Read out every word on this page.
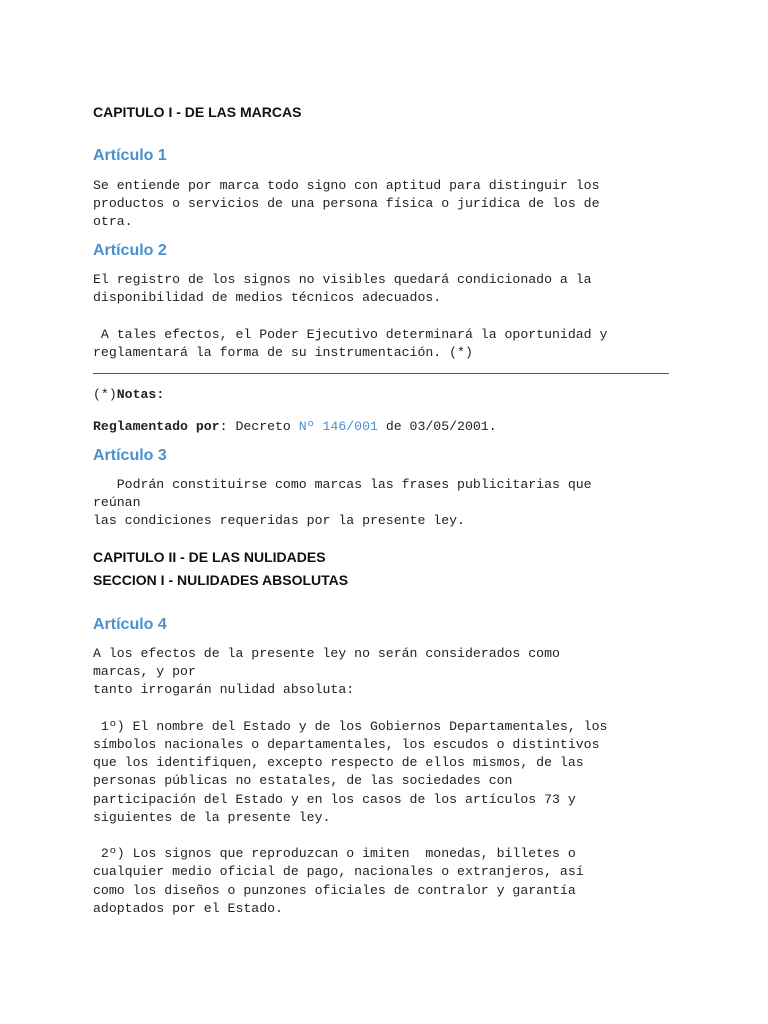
CAPITULO I - DE LAS MARCAS
Artículo 1
Se entiende por marca todo signo con aptitud para distinguir los
productos o servicios de una persona física o jurídica de los de
otra.
Artículo 2
El registro de los signos no visibles quedará condicionado a la
disponibilidad de medios técnicos adecuados.

A tales efectos, el Poder Ejecutivo determinará la oportunidad y
reglamentará la forma de su instrumentación. (*)
(*)Notas:
Reglamentado por: Decreto Nº 146/001 de 03/05/2001.
Artículo 3
Podrán constituirse como marcas las frases publicitarias que
reúnan
las condiciones requeridas por la presente ley.
CAPITULO II - DE LAS NULIDADES
SECCION I - NULIDADES ABSOLUTAS
Artículo 4
A los efectos de la presente ley no serán considerados como
marcas, y por
tanto irrogarán nulidad absoluta:

1º) El nombre del Estado y de los Gobiernos Departamentales, los
símbolos nacionales o departamentales, los escudos o distintivos
que los identifiquen, excepto respecto de ellos mismos, de las
personas públicas no estatales, de las sociedades con
participación del Estado y en los casos de los artículos 73 y
siguientes de la presente ley.

2º) Los signos que reproduzcan o imiten  monedas, billetes o
cualquier medio oficial de pago, nacionales o extranjeros, así
como los diseños o punzones oficiales de contralor y garantía
adoptados por el Estado.
